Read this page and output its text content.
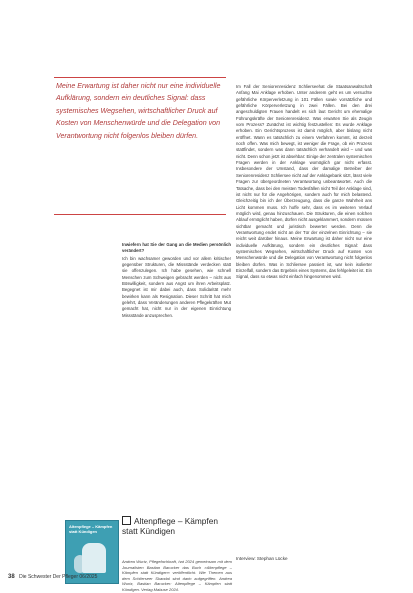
Meine Erwartung ist daher nicht nur eine individuelle Aufklärung, sondern ein deutliches Signal: dass systemisches Wegsehen, wirtschaftlicher Druck auf Kosten von Menschenwürde und die Delegation von Verantwortung nicht folgenlos bleiben dürfen.

Inwiefern hat Sie der Gang an die Medien persönlich verändert?

Ich bin wachsamer geworden und vor allem kritischer gegenüber Strukturen, die Missstände verdecken statt sie offenzulegen. Ich habe gesehen, wie schnell Menschen zum Schweigen gebracht werden – nicht aus Böswilligkeit, sondern aus Angst um ihren Arbeitsplatz. Begegnet ist mir dabei auch, dass Solidarität mehr bewirken kann als Resignation. Dieser Schritt hat mich gelehrt, dass Veränderungen anderen Pflegekräften Mut gemacht hat, nicht nur in der eigenen Einrichtung Missstände anzusprechen.

Im Fall der Seniorenresidenz Schlierseehat die Staatsanwaltschaft Anfang Mai Anklage erhoben. Unter anderem geht es um versuchte gefährliche Körperverletzung in 101 Fällen sowie vorsätzliche und gefährliche Körperverletzung in zwei Fällen. Bei den drei angeschuldigten Frauen handelt es sich laut Gericht um ehemalige Führungskräfte der Seniorenresidenz. Was erwarten Sie als Zeugin vom Prozess? Zunächst ist wichtig festzustellen: Es wurde Anklage erhoben. Ein Gerichtsprozess ist damit möglich, aber bislang nicht eröffnet. Wann es tatsächlich zu einem Verfahren kommt, ist derzeit noch offen. Was mich bewegt, ist weniger die Frage, ob ein Prozess stattfindet, sondern was dann tatsächlich verhandelt wird – und was nicht. Denn schon jetzt ist absehbar: Einige der zentralen systemischen Fragen werden in der Anklage womöglich gar nicht erfasst. Insbesondere der Umstand, dass der damalige Betreiber der Seniorenresidenz Schliersee nicht auf der Anklagebank sitzt, lässt viele Fragen zur übergeordneten Verantwortung unbeantwortet. Auch die Tatsache, dass bei den meisten Todesfällen nicht Teil der Anklage sind, ist nicht nur für die Angehörigen, sondern auch für mich belastend. Gleichzeitig bin ich der Überzeugung, dass die ganze Wahrheit ans Licht kommen muss. Ich hoffe sehr, dass es im weiteren Verlauf möglich wird, genau hinzuschauen. Die Strukturen, die einen solchen Ablauf ermöglicht haben, dürfen nicht ausgeklammert, sondern müssen sichtbar gemacht und juristisch bewertet werden. Denn die Verantwortung endet nicht an der Tür der einzelnen Einrichtung – sie reicht weit darüber hinaus. Meine Erwartung ist daher nicht nur eine individuelle Aufklärung, sondern ein deutliches Signal: dass systemisches Wegsehen, wirtschaftlicher Druck auf Kosten von Menschenwürde und die Delegation von Verantwortung nicht folgenlos bleiben dürfen. Was in Schliersee passiert ist, war kein isolierter Einzelfall, sondern das Ergebnis eines Systems, das fehlgeleitet ist. Ein Signal, dass so etwas nicht einfach hingenommen wird.

Altenpflege – Kämpfen statt Kündigen
Altenpflege – Kämpfen statt Kündigen
Andrea Wurtz, Pflegefachkraft, hat 2024 gemeinsam mit dem Journalisten Bastian Barucker das Buch »Altenpflege – Kämpfen statt Kündigen« veröffentlicht. Wie Themen aus dem Schlierseer Skandal sind darin aufgegriffen. Andrea Wurtz, Bastian Barucker: Altenpflege – Kämpfen statt Kündigen. Verlag Mabuse 2024.
Interview: Stephan Lücke
38 Die Schwester Der Pfleger 06/2025
